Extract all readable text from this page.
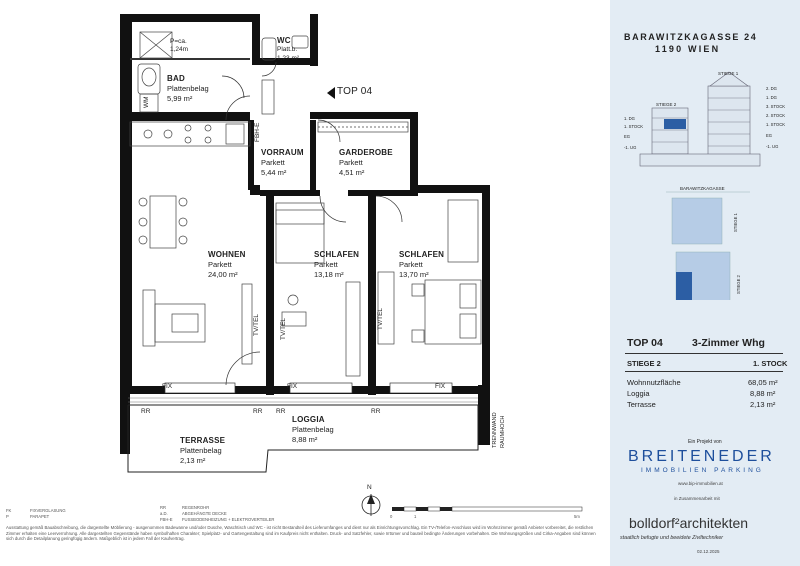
P=ca.
1,24m
WC
Platt.b.
1,23 m²
BAD
Plattenbelag
5,99 m²
WM
TOP 04
FBH-E
VORRAUM
Parkett
5,44 m²
GARDEROBE
Parkett
4,51 m²
WOHNEN
Parkett
24,00 m²
SCHLAFEN
Parkett
13,18 m²
SCHLAFEN
Parkett
13,70 m²
TV/TEL	TV/TEL	TV/TEL
FIX	FIX	FIX
RR	RR RR	RR
LOGGIA
Plattenbelag
8,88 m²
TERRASSE
Plattenbelag
2,13 m²
TRENNWAND RAUMHOCH
N
0	1	5m
FK	FIXVERGLASUNG
P	PARAPET
RR	REGENROHR
a.D.	ABGEHÄNGTE DECKE
FBH-E FUSSBODENHEIZUNG + ELEKTROVERTEILER
Ausstattung gemäß Bauabschreibung, die dargestellte Möblierung - ausgenommen Badewanne und/oder Dusche, Waschtisch und WC - ist nicht Bestandteil des Lieferumfanges und dient nur als Einrichtungsvorschlag. Ein TV-/Telefon-Anschluss wird im Wohnzimmer gemäß Anbieter vorbereitet, die restlichen Zimmer erhalten eine Leerverrohrung. Alle dargestellten Gegenstände haben symbolhaften Charakter; Spielplatz- und Gartengestaltung sind im Kaufpreis nicht enthalten. Druck- und Satzfehler, sowie Irrtümer und bauteil bedingte Änderungen vorbehalten. Die Wohnungsgrößen und Cirka-Angaben sind können sich durch die Detailplanung geringfügig ändern. Maßgeblich ist in jedem Fall der Kaufvertrag.
BARAWITZKAGASSE 24
1190 WIEN
STIEGE 1
STIEGE 2
BARAWITZKAGASSE
1. DG
1. STOCK
EG
-1. UG
2. DG
1. DG
3. STOCK
2. STOCK
1. STOCK
EG
-1. UG
STIEGE 1
STIEGE 2
TOP 04	3-Zimmer Whg
STIEGE 2	1. STOCK
Wohnnutzfläche	68,05 m²
Loggia	8,88 m²
Terrasse	2,13 m²
Ein Projekt von
BREITENEDER
IMMOBILIEN PARKING
www.bip-immobilien.at
in Zusammenarbeit mit
bolldorf²architekten
staatlich befugte und beeidete Ziviltechniker
02.12.2025
